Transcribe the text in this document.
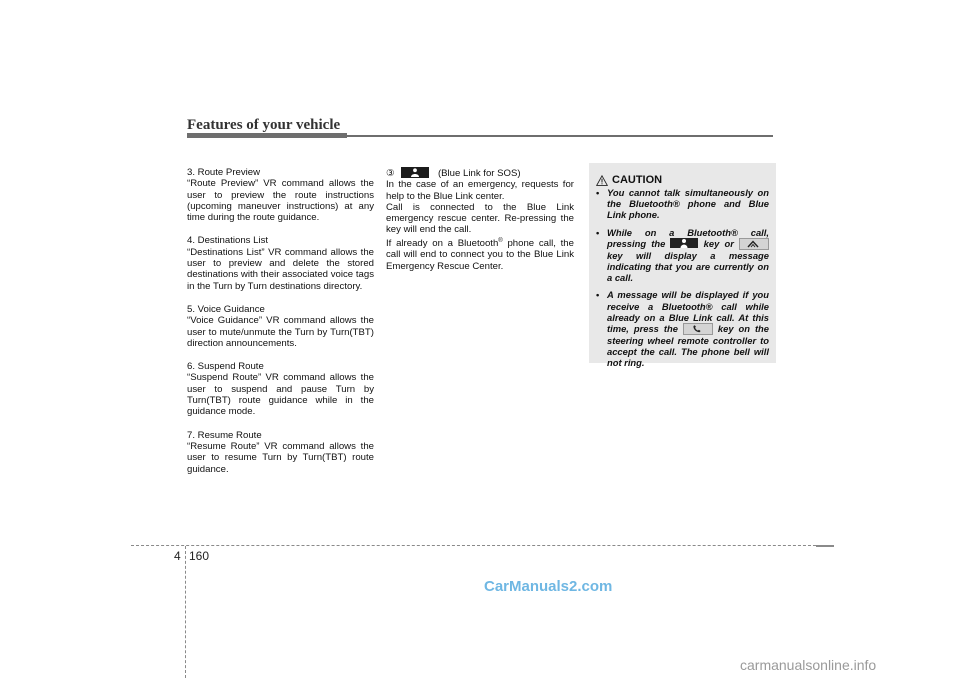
Features of your vehicle

3. Route Preview

“Route Preview” VR command allows the user to preview the route instructions (upcoming maneuver instructions) at any time during the route guidance.

4. Destinations List

“Destinations List” VR command allows the user to preview and delete the stored destinations with their associated voice tags in the Turn by Turn destinations directory.

5. Voice Guidance

“Voice Guidance” VR command allows the user to mute/unmute the Turn by Turn(TBT) direction announcements.

6. Suspend Route

“Suspend Route” VR command allows the user to suspend and pause Turn by Turn(TBT) route guidance while in the guidance mode.

7. Resume Route

“Resume Route” VR command allows the user to resume Turn by Turn(TBT) route guidance.

③	(Blue Link for SOS)

In the case of an emergency, requests for help to the Blue Link center.

Call is connected to the Blue Link emergency rescue center. Re-pressing the key will end the call.

If already on a Bluetooth® phone call, the call will end to connect you to the Blue Link Emergency Rescue Center.

CAUTION
• You cannot talk simultaneously on the Bluetooth® phone and Blue Link phone.
• While on a Bluetooth® call, pressing the	key or  key will display a message indicating that you are currently on a call.
• A message will be displayed if you receive a Bluetooth® call while already on a Blue Link call. At this time, press the	key on the steering wheel remote controller to accept the call. The phone bell will not ring.
4 160
CarManuals2.com
carmanualsonline.info
